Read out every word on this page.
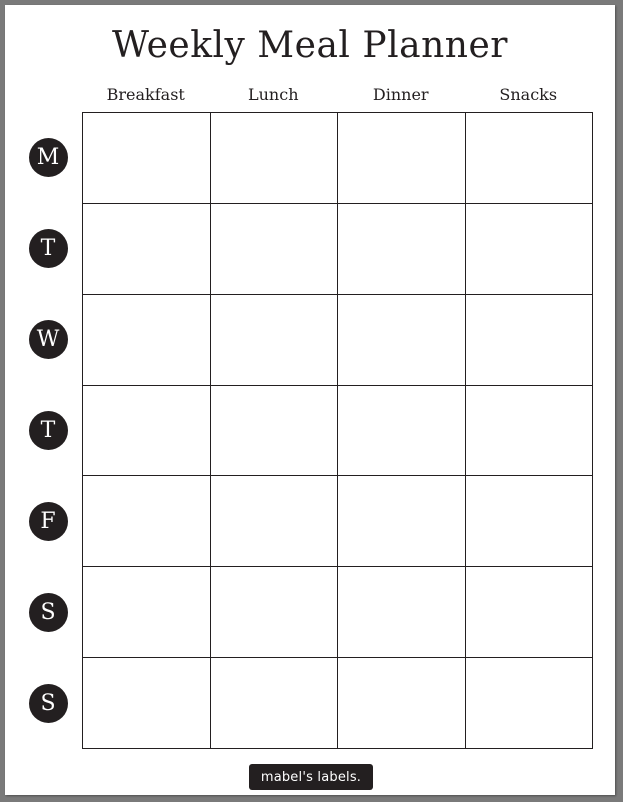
Weekly Meal Planner
Breakfast	Lunch	Dinner	Snacks
M
T
W
T
F
S
S
mabel's labels.
